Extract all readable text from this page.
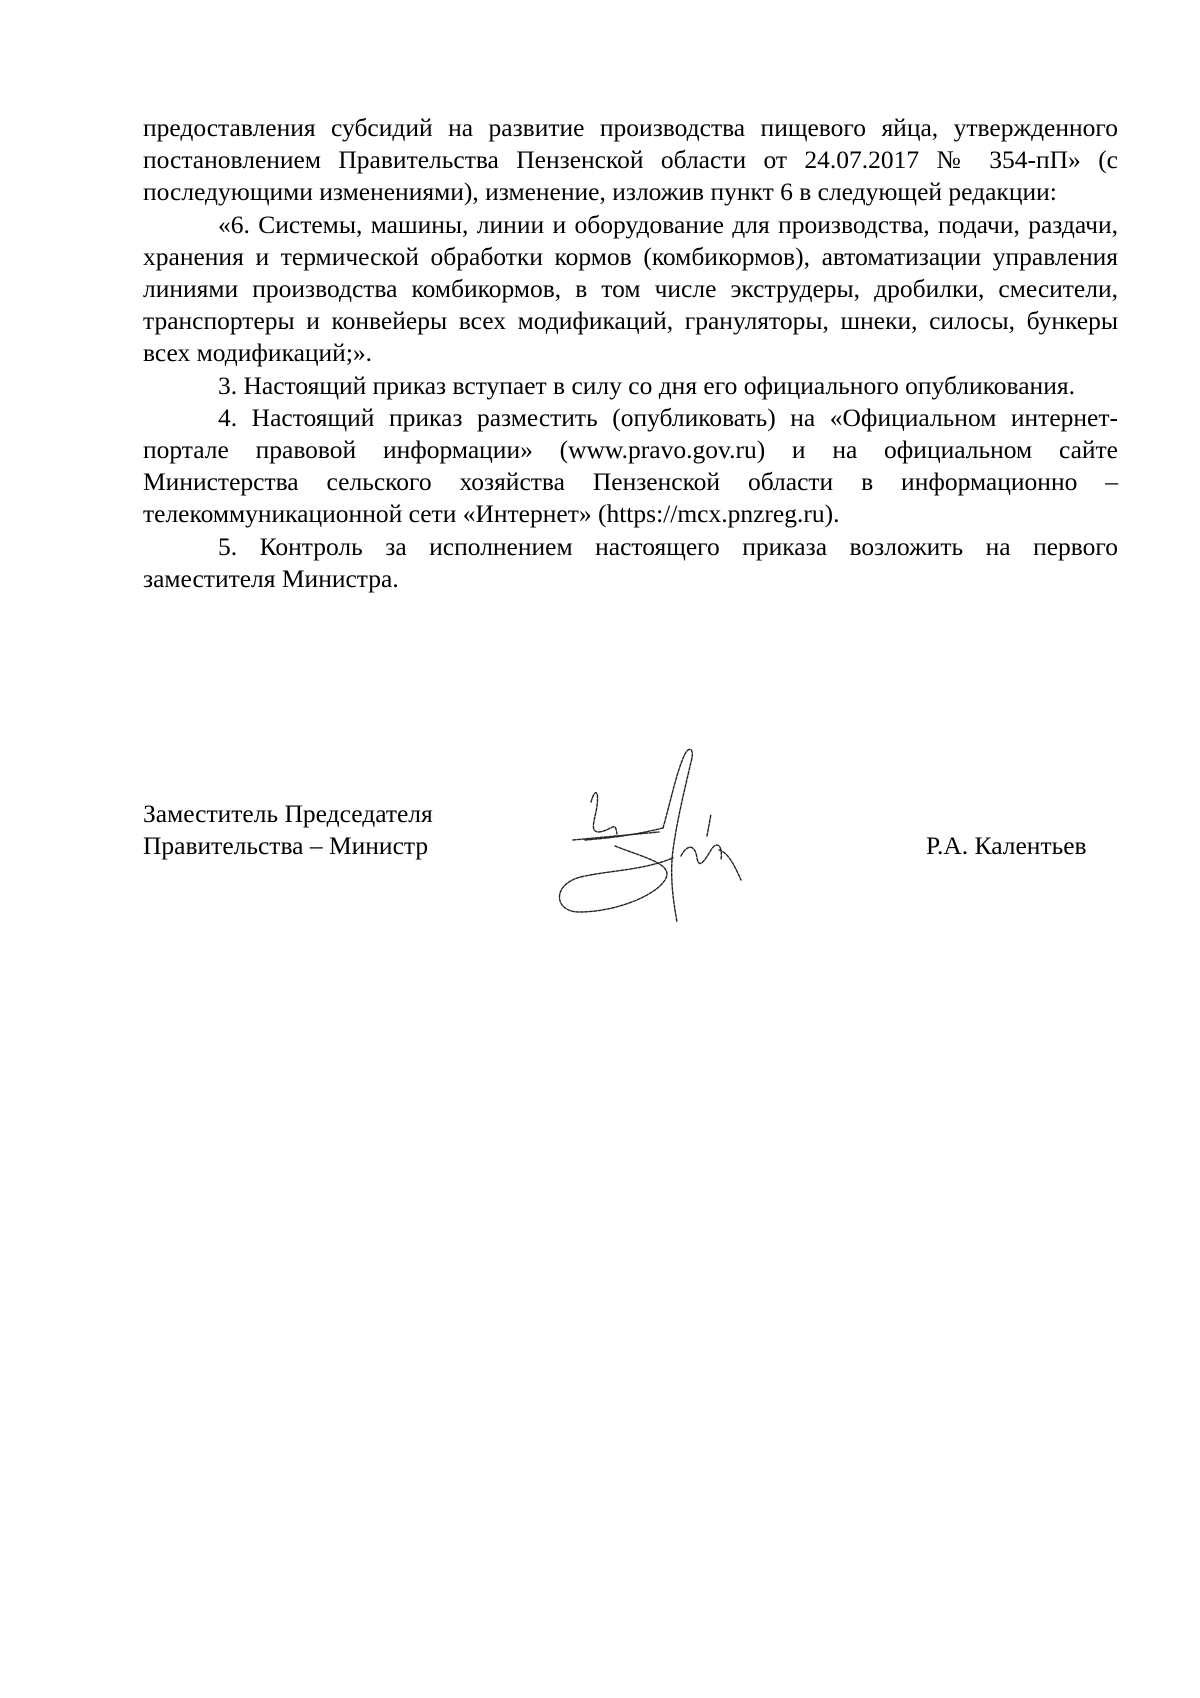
предоставления субсидий на развитие производства пищевого яйца, утвержденного постановлением Правительства Пензенской области от 24.07.2017 № 354-пП» (с последующими изменениями), изменение, изложив пункт 6 в следующей редакции:

«6. Системы, машины, линии и оборудование для производства, подачи, раздачи, хранения и термической обработки кормов (комбикормов), автоматизации управления линиями производства комбикормов, в том числе экструдеры, дробилки, смесители, транспортеры и конвейеры всех модификаций, грануляторы, шнеки, силосы, бункеры всех модификаций;».

3. Настоящий приказ вступает в силу со дня его официального опубликования.

4. Настоящий приказ разместить (опубликовать) на «Официальном интернет-портале правовой информации» (www.pravo.gov.ru) и на официальном сайте Министерства сельского хозяйства Пензенской области в информационно – телекоммуникационной сети «Интернет» (https://mcx.pnzreg.ru).

5. Контроль за исполнением настоящего приказа возложить на первого заместителя Министра.

Заместитель Председателя
Правительства – Министр	Р.А. Калентьев
